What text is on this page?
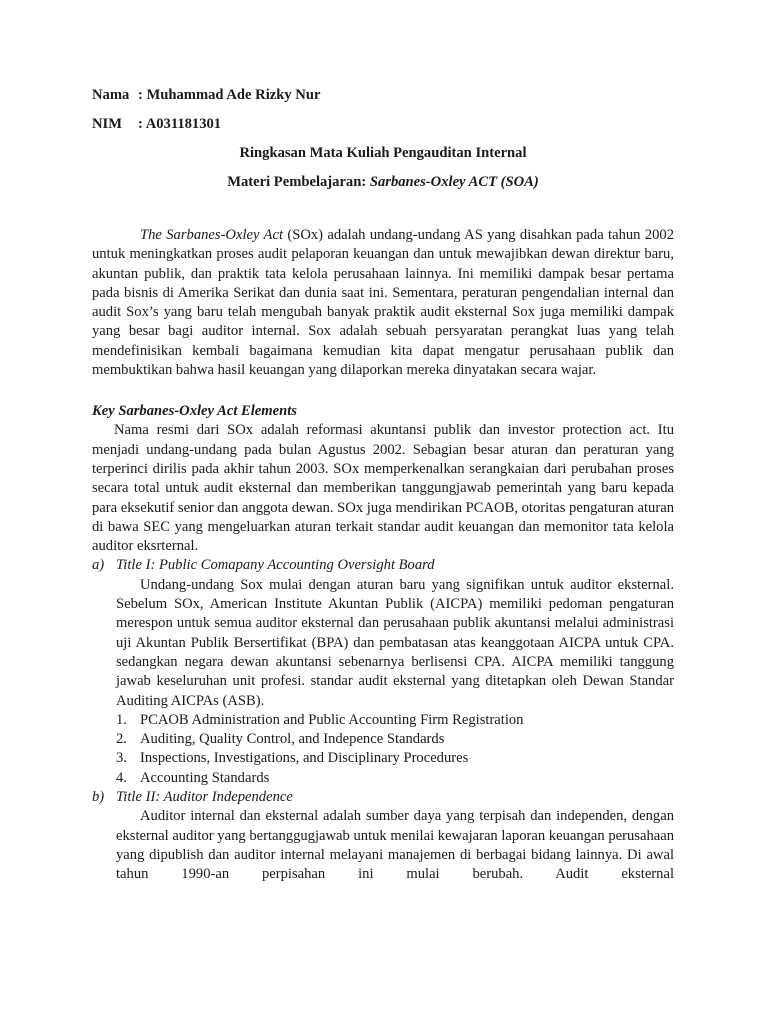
Nama : Muhammad Ade Rizky Nur
NIM : A031181301
Ringkasan Mata Kuliah Pengauditan Internal
Materi Pembelajaran: Sarbanes-Oxley ACT (SOA)

The Sarbanes-Oxley Act (SOx) adalah undang-undang AS yang disahkan pada tahun 2002 untuk meningkatkan proses audit pelaporan keuangan dan untuk mewajibkan dewan direktur baru, akuntan publik, dan praktik tata kelola perusahaan lainnya. Ini memiliki dampak besar pertama pada bisnis di Amerika Serikat dan dunia saat ini. Sementara, peraturan pengendalian internal dan audit Sox’s yang baru telah mengubah banyak praktik audit eksternal Sox juga memiliki dampak yang besar bagi auditor internal. Sox adalah sebuah persyaratan perangkat luas yang telah mendefinisikan kembali bagaimana kemudian kita dapat mengatur perusahaan publik dan membuktikan bahwa hasil keuangan yang dilaporkan mereka dinyatakan secara wajar.

Key Sarbanes-Oxley Act Elements

Nama resmi dari SOx adalah reformasi akuntansi publik dan investor protection act. Itu menjadi undang-undang pada bulan Agustus 2002. Sebagian besar aturan dan peraturan yang terperinci dirilis pada akhir tahun 2003. SOx memperkenalkan serangkaian dari perubahan proses secara total untuk audit eksternal dan memberikan tanggungjawab pemerintah yang baru kepada para eksekutif senior dan anggota dewan. SOx juga mendirikan PCAOB, otoritas pengaturan aturan di bawa SEC yang mengeluarkan aturan terkait standar audit keuangan dan memonitor tata kelola auditor eksrternal.

a) Title I: Public Comapany Accounting Oversight Board

Undang-undang Sox mulai dengan aturan baru yang signifikan untuk auditor eksternal. Sebelum SOx, American Institute Akuntan Publik (AICPA) memiliki pedoman pengaturan merespon untuk semua auditor eksternal dan perusahaan publik akuntansi melalui administrasi uji Akuntan Publik Bersertifikat (BPA) dan pembatasan atas keanggotaan AICPA untuk CPA. sedangkan negara dewan akuntansi sebenarnya berlisensi CPA. AICPA memiliki tanggung jawab keseluruhan unit profesi. standar audit eksternal yang ditetapkan oleh Dewan Standar Auditing AICPAs (ASB).

1. PCAOB Administration and Public Accounting Firm Registration
2. Auditing, Quality Control, and Indepence Standards
3. Inspections, Investigations, and Disciplinary Procedures
4. Accounting Standards
b) Title II: Auditor Independence

Auditor internal dan eksternal adalah sumber daya yang terpisah dan independen, dengan eksternal auditor yang bertanggugjawab untuk menilai kewajaran laporan keuangan perusahaan yang dipublish dan auditor internal melayani manajemen di berbagai bidang lainnya. Di awal tahun 1990-an perpisahan ini mulai berubah. Audit eksternal
